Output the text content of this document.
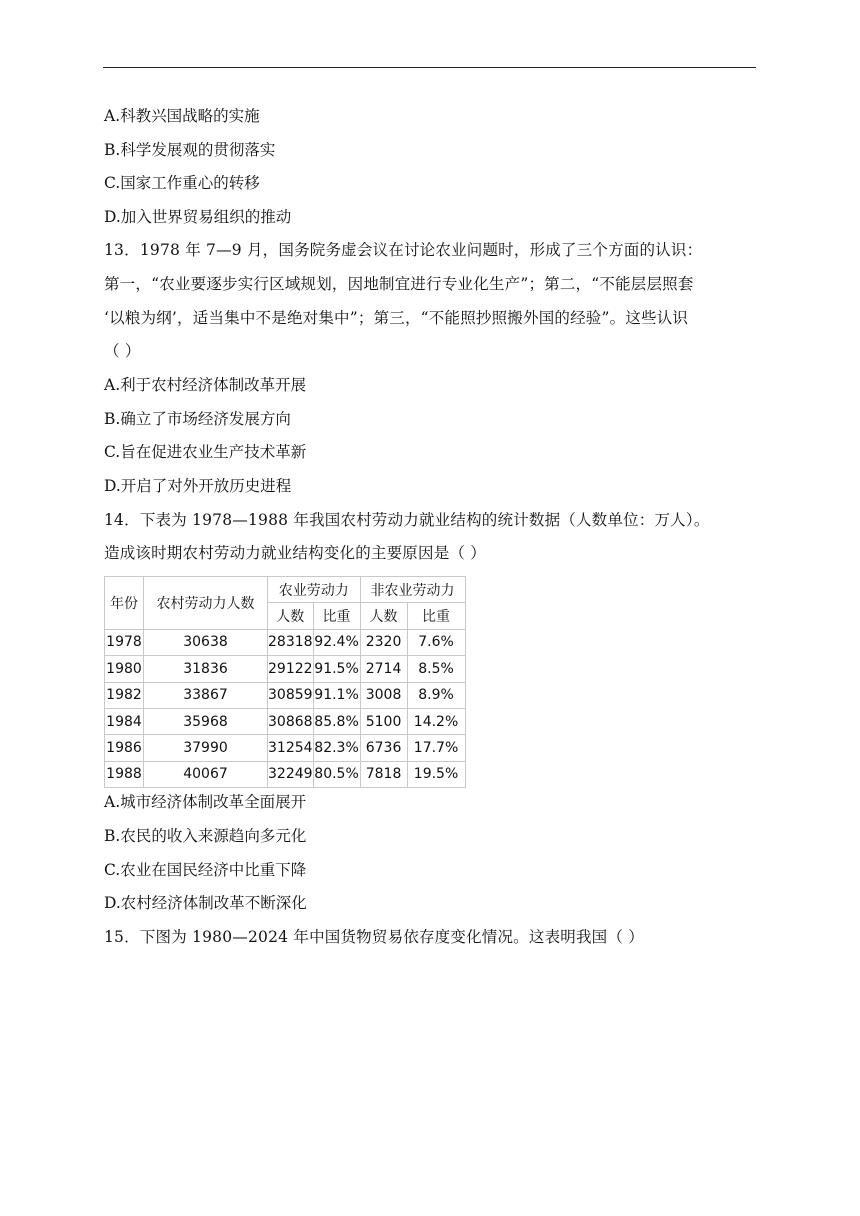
A.科教兴国战略的实施
B.科学发展观的贯彻落实
C.国家工作重心的转移
D.加入世界贸易组织的推动
13．1978 年 7—9 月，国务院务虚会议在讨论农业问题时，形成了三个方面的认识：
第一，“农业要逐步实行区域规划，因地制宜进行专业化生产”；第二，“不能层层照套
‘以粮为纲’，适当集中不是绝对集中”；第三，“不能照抄照搬外国的经验”。这些认识
（ ）
A.利于农村经济体制改革开展
B.确立了市场经济发展方向
C.旨在促进农业生产技术革新
D.开启了对外开放历史进程
14．下表为 1978—1988 年我国农村劳动力就业结构的统计数据（人数单位：万人）。
造成该时期农村劳动力就业结构变化的主要原因是（ ）
年份	农村劳动力人数	农业劳动力		非农业劳动力	
		人数	比重	人数	比重
1978	30638	28318	92.4%	2320	7.6%
1980	31836	29122	91.5%	2714	8.5%
1982	33867	30859	91.1%	3008	8.9%
1984	35968	30868	85.8%	5100	14.2%
1986	37990	31254	82.3%	6736	17.7%
1988	40067	32249	80.5%	7818	19.5%
A.城市经济体制改革全面展开
B.农民的收入来源趋向多元化
C.农业在国民经济中比重下降
D.农村经济体制改革不断深化
15．下图为 1980—2024 年中国货物贸易依存度变化情况。这表明我国（ ）
